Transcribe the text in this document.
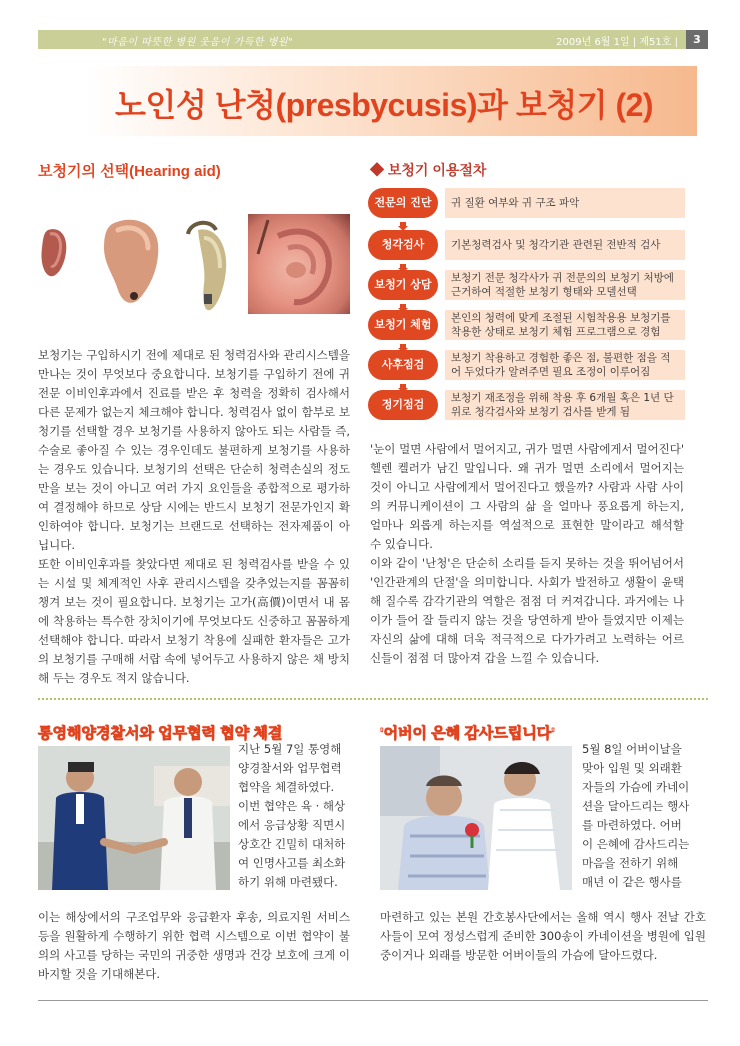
"마음이 따뜻한 병원 웃음이 가득한 병원"	2009년 6월 1일 | 제51호 |	3
노인성 난청(presbycusis)과 보청기 (2)
보청기의 선택(Hearing aid)
보청기는 구입하시기 전에 제대로 된 청력검사와 관리시스템을 만나는 것이 무엇보다 중요합니다. 보청기를 구입하기 전에 귀 전문 이비인후과에서 진료를 받은 후 청력을 정확히 검사해서 다른 문제가 없는지 체크해야 합니다. 청력검사 없이 함부로 보청기를 선택할 경우 보청기를 사용하지 않아도 되는 사람들 즉, 수술로 좋아질 수 있는 경우인데도 불편하게 보청기를 사용하는 경우도 있습니다. 보청기의 선택은 단순히 청력손실의 정도만을 보는 것이 아니고 여러 가지 요인들을 종합적으로 평가하여 결정해야 하므로 상담 시에는 반드시 보청기 전문가인지 확인하여야 합니다. 보청기는 브랜드로 선택하는 전자제품이 아닙니다.
또한 이비인후과를 찾았다면 제대로 된 청력검사를 받을 수 있는 시설 및 체계적인 사후 관리시스템을 갖추었는지를 꼼꼼히 챙겨 보는 것이 필요합니다. 보청기는 고가(高價)이면서 내 몸에 착용하는 특수한 장치이기에 무엇보다도 신중하고 꼼꼼하게 선택해야 합니다. 따라서 보청기 착용에 실패한 환자들은 고가의 보청기를 구매해 서랍 속에 넣어두고 사용하지 않은 채 방치해 두는 경우도 적지 않습니다.
◆ 보청기 이용절차
전문의 진단	귀 질환 여부와 귀 구조 파악
청각검사	기본청력검사 및 청각기관 관련된 전반적 검사
보청기 상담	보청기 전문 청각사가 귀 전문의의 보청기 처방에 근거하여 적절한 보청기 형태와 모델선택
보청기 체험	본인의 청력에 맞게 조절된 시험착용용 보청기를 착용한 상태로 보청기 체험 프로그램으로 경험
사후점검	보청기 착용하고 경험한 좋은 점, 불편한 점을 적어 두었다가 알려주면 필요 조정이 이루어짐
정기점검	보청기 재조정을 위해 착용 후 6개월 혹은 1년 단위로 청각검사와 보청기 검사를 받게 됨
'눈이 멀면 사람에서 멀어지고, 귀가 멀면 사람에게서 멀어진다' 헬렌 켈러가 남긴 말입니다. 왜 귀가 멀면 소리에서 멀어지는 것이 아니고 사람에게서 멀어진다고 했을까? 사람과 사람 사이의 커뮤니케이션이 그 사람의 삶 을 얼마나 풍요롭게 하는지, 얼마나 외롭게 하는지를 역설적으로 표현한 말이라고 해석할 수 있습니다.
이와 같이 '난청'은 단순히 소리를 듣지 못하는 것을 뛰어넘어서 '인간관계의 단절'을 의미합니다. 사회가 발전하고 생활이 윤택해 질수록 감각기관의 역할은 점점 더 커져갑니다. 과거에는 나이가 들어 잘 들리지 않는 것을 당연하게 받아 들였지만 이제는 자신의 삶에 대해 더욱 적극적으로 다가가려고 노력하는 어르신들이 점점 더 많아져 갑을 느낄 수 있습니다.
통영해양경찰서와 업무협력 협약 체결
지난 5월 7일 통영해
양경찰서와 업무협력
협약을 체결하였다.
이번 협약은 육 · 해상
에서 응급상황 직면시
상호간 긴밀히 대처하
여 인명사고를 최소화
하기 위해 마련됐다.
이는 해상에서의 구조업무와 응급환자 후송, 의료지원 서비스 등을 원활하게 수행하기 위한 협력 시스템으로 이번 협약이 불의의 사고를 당하는 국민의 귀중한 생명과 건강 보호에 크게 이바지할 것을 기대해본다.
'어버이 은혜 감사드립니다'
5월 8일 어버이날을
맞아 입원 및 외래환
자들의 가슴에 카네이
션을 달아드리는 행사
를 마련하였다. 어버
이 은혜에 감사드리는
마음을 전하기 위해
매년 이 같은 행사를
마련하고 있는 본원 간호봉사단에서는 올해 역시 행사 전날 간호사들이 모여 정성스럽게 준비한 300송이 카네이션을 병원에 입원 중이거나 외래를 방문한 어버이들의 가슴에 달아드렸다.
